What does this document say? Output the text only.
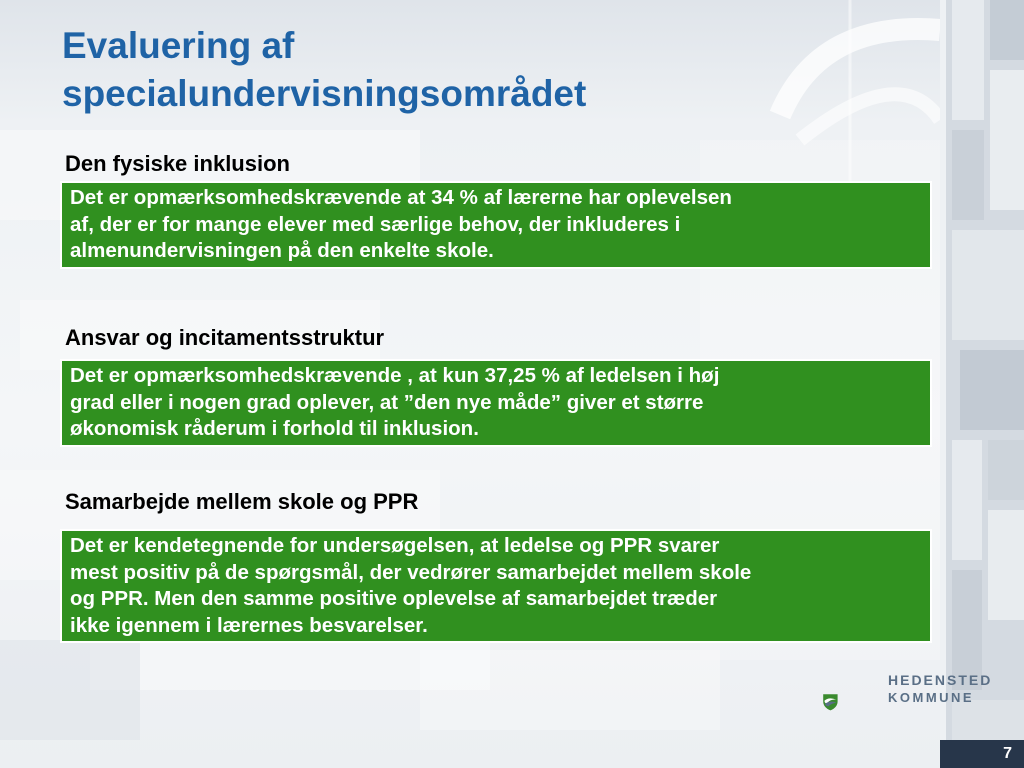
Evaluering af
specialundervisningsområdet

Den fysiske inklusion

Det er opmærksomhedskrævende at 34 % af lærerne har oplevelsen
af, der er for mange elever med særlige behov, der inkluderes i
almenundervisningen på den enkelte skole.

Ansvar og incitamentsstruktur

Det er opmærksomhedskrævende , at kun 37,25 % af ledelsen i høj
grad eller i nogen grad oplever, at ”den nye måde” giver et større
økonomisk råderum i forhold til inklusion.

Samarbejde mellem skole og PPR

Det er kendetegnende for undersøgelsen, at ledelse og PPR svarer
mest positiv på de spørgsmål, der vedrører samarbejdet mellem skole
og PPR. Men den samme positive oplevelse af samarbejdet træder
ikke igennem i lærernes besvarelser.

HEDENSTED

KOMMUNE

7
